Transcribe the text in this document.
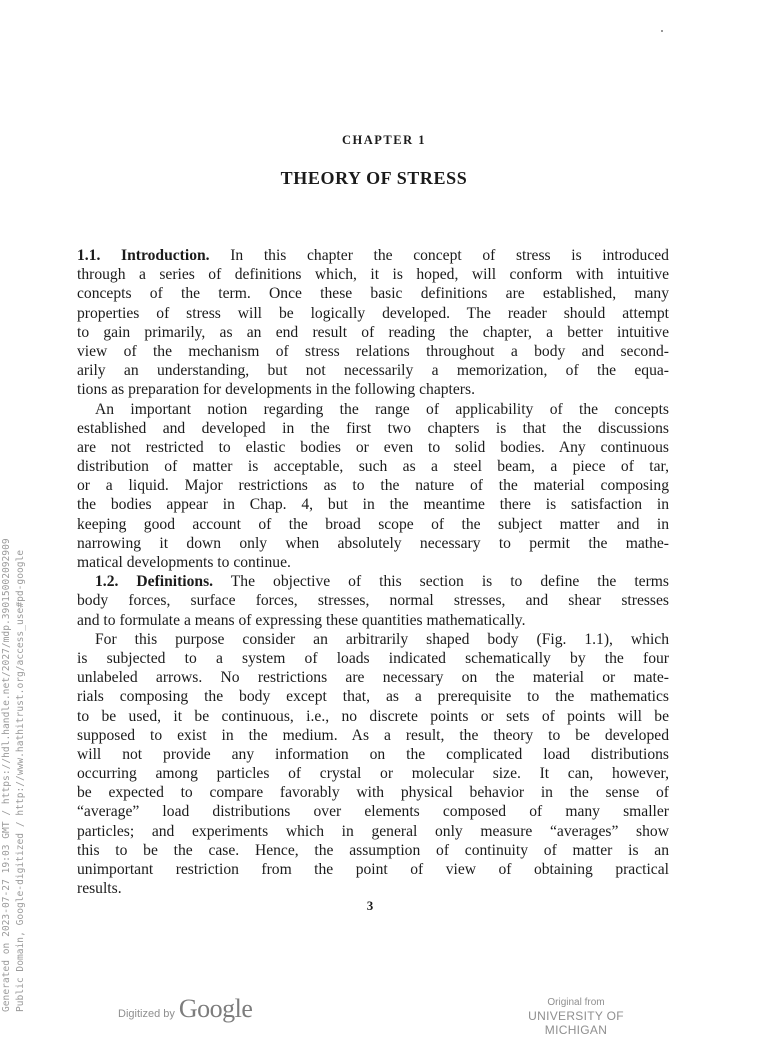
CHAPTER 1
THEORY OF STRESS
1.1. Introduction. In this chapter the concept of stress is introduced
through a series of definitions which, it is hoped, will conform with intuitive
concepts of the term. Once these basic definitions are established, many
properties of stress will be logically developed. The reader should attempt
to gain primarily, as an end result of reading the chapter, a better intuitive
view of the mechanism of stress relations throughout a body and second-
arily an understanding, but not necessarily a memorization, of the equa-
tions as preparation for developments in the following chapters.
An important notion regarding the range of applicability of the concepts
established and developed in the first two chapters is that the discussions
are not restricted to elastic bodies or even to solid bodies. Any continuous
distribution of matter is acceptable, such as a steel beam, a piece of tar,
or a liquid. Major restrictions as to the nature of the material composing
the bodies appear in Chap. 4, but in the meantime there is satisfaction in
keeping good account of the broad scope of the subject matter and in
narrowing it down only when absolutely necessary to permit the mathe-
matical developments to continue.
1.2. Definitions. The objective of this section is to define the terms
body forces, surface forces, stresses, normal stresses, and shear stresses
and to formulate a means of expressing these quantities mathematically.
For this purpose consider an arbitrarily shaped body (Fig. 1.1), which
is subjected to a system of loads indicated schematically by the four
unlabeled arrows. No restrictions are necessary on the material or mate-
rials composing the body except that, as a prerequisite to the mathematics
to be used, it be continuous, i.e., no discrete points or sets of points will be
supposed to exist in the medium. As a result, the theory to be developed
will not provide any information on the complicated load distributions
occurring among particles of crystal or molecular size. It can, however,
be expected to compare favorably with physical behavior in the sense of
“average” load distributions over elements composed of many smaller
particles; and experiments which in general only measure “averages” show
this to be the case. Hence, the assumption of continuity of matter is an
unimportant restriction from the point of view of obtaining practical
results.
3
Generated on 2023-07-27 19:03 GMT / https://hdl.handle.net/2027/mdp.39015002092909 Public Domain, Google-digitized / http://www.hathitrust.org/access_use#pd-google
Digitized by Google	Original from
UNIVERSITY OF MICHIGAN
